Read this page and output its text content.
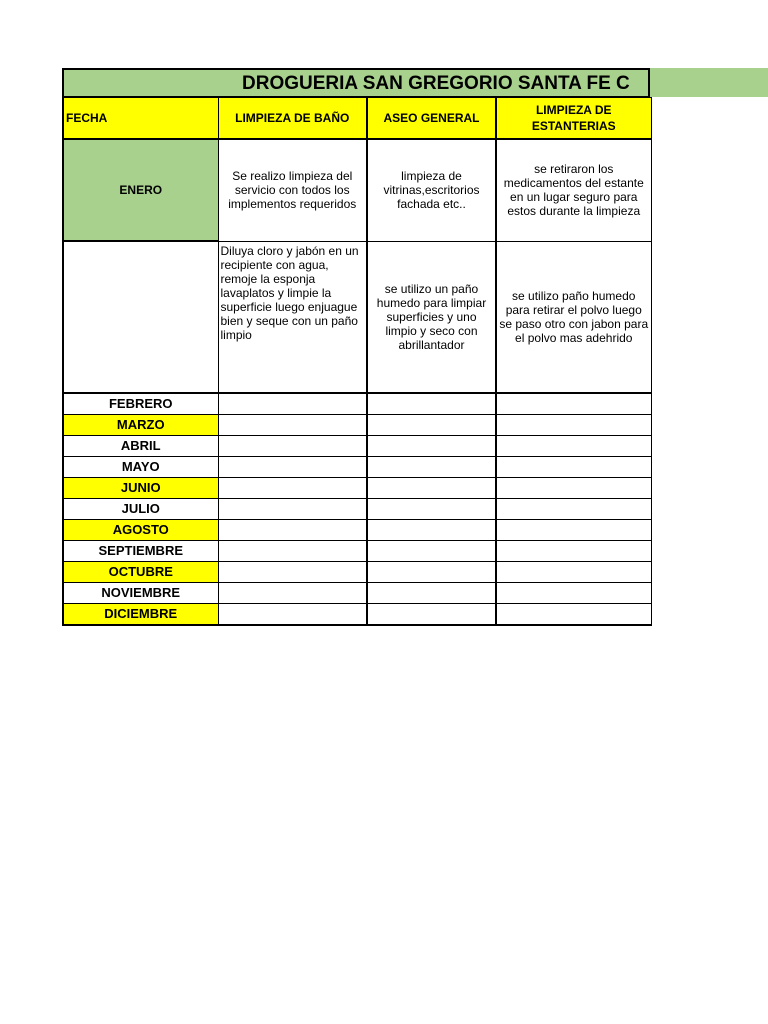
DROGUERIA SAN GREGORIO SANTA FE C
FECHA	LIMPIEZA DE BAÑO	ASEO GENERAL	LIMPIEZA DE ESTANTERIAS
ENERO	Se realizo limpieza del servicio con todos los implementos requeridos	limpieza de vitrinas,escritorios fachada etc..	se retiraron los medicamentos del estante en un lugar seguro para estos durante la limpieza
	Diluya cloro y jabón en un recipiente con agua, remoje la esponja lavaplatos y limpie la superficie luego enjuague bien y seque con un paño limpio	se utilizo un paño humedo para limpiar superficies y uno limpio y seco con abrillantador	se utilizo paño humedo para retirar el polvo luego se paso otro con jabon para el polvo mas adehrido
FEBRERO			
MARZO			
ABRIL			
MAYO			
JUNIO			
JULIO			
AGOSTO			
SEPTIEMBRE			
OCTUBRE			
NOVIEMBRE			
DICIEMBRE			
